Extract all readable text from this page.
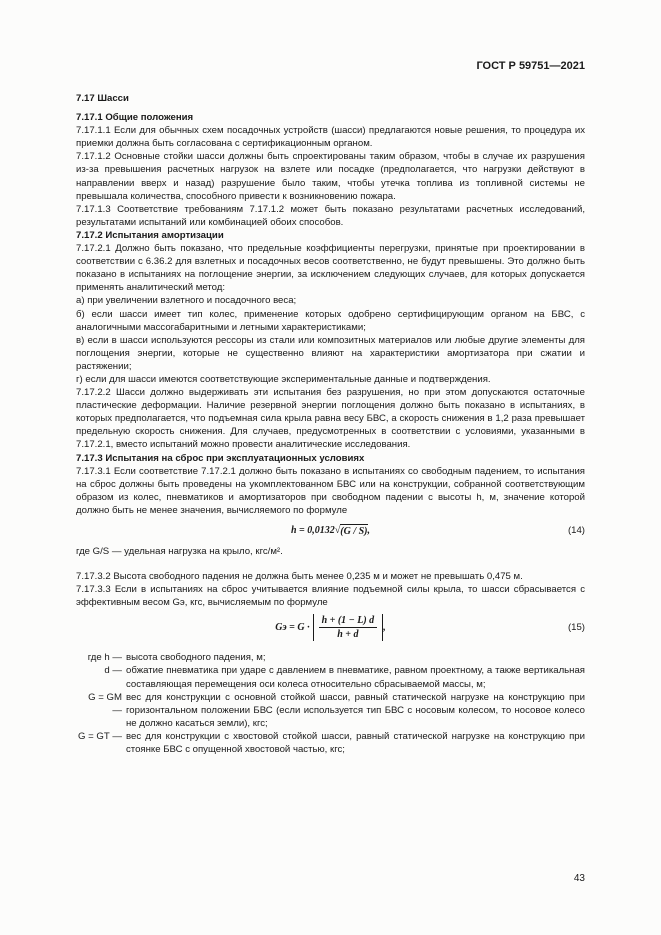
ГОСТ Р 59751—2021

7.17 Шасси

7.17.1 Общие положения

7.17.1.1 Если для обычных схем посадочных устройств (шасси) предлагаются новые решения, то процедура их приемки должна быть согласована с сертификационным органом.

7.17.1.2 Основные стойки шасси должны быть спроектированы таким образом, чтобы в случае их разрушения из-за превышения расчетных нагрузок на взлете или посадке (предполагается, что нагрузки действуют в направлении вверх и назад) разрушение было таким, чтобы утечка топлива из топливной системы не превышала количества, способного привести к возникновению пожара.

7.17.1.3 Соответствие требованиям 7.17.1.2 может быть показано результатами расчетных исследований, результатами испытаний или комбинацией обоих способов.

7.17.2 Испытания амортизации

7.17.2.1 Должно быть показано, что предельные коэффициенты перегрузки, принятые при проектировании в соответствии с 6.36.2 для взлетных и посадочных весов соответственно, не будут превышены. Это должно быть показано в испытаниях на поглощение энергии, за исключением следующих случаев, для которых допускается применять аналитический метод:

а) при увеличении взлетного и посадочного веса;

б) если шасси имеет тип колес, применение которых одобрено сертифицирующим органом на БВС, с аналогичными массогабаритными и летными характеристиками;

в) если в шасси используются рессоры из стали или композитных материалов или любые другие элементы для поглощения энергии, которые не существенно влияют на характеристики амортизатора при сжатии и растяжении;

г) если для шасси имеются соответствующие экспериментальные данные и подтверждения.

7.17.2.2 Шасси должно выдерживать эти испытания без разрушения, но при этом допускаются остаточные пластические деформации. Наличие резервной энергии поглощения должно быть показано в испытаниях, в которых предполагается, что подъемная сила крыла равна весу БВС, а скорость снижения в 1,2 раза превышает предельную скорость снижения. Для случаев, предусмотренных в соответствии с условиями, указанными в 7.17.2.1, вместо испытаний можно провести аналитические исследования.

7.17.3 Испытания на сброс при эксплуатационных условиях

7.17.3.1 Если соответствие 7.17.2.1 должно быть показано в испытаниях со свободным падением, то испытания на сброс должны быть проведены на укомплектованном БВС или на конструкции, собранной соответствующим образом из колес, пневматиков и амортизаторов при свободном падении с высоты h, м, значение которой должно быть не менее значения, вычисляемого по формуле

h = 0,0132 √ (G / S) ,	(14)

где G/S — удельная нагрузка на крыло, кгс/м².

7.17.3.2 Высота свободного падения не должна быть менее 0,235 м и может не превышать 0,475 м.

7.17.3.3 Если в испытаниях на сброс учитывается влияние подъемной силы крыла, то шасси сбрасывается с эффективным весом Gэ, кгс, вычисляемым по формуле

Gэ = $G \cdot \frac{h + (1 - L) d}{h + d}$ ,	(15)
где h — высота свободного падения, м;
d — обжатие пневматика при ударе с давлением в пневматике, равном проектному, а также вертикальная составляющая перемещения оси колеса относительно сбрасываемой массы, м;
G = GМ —
вес для конструкции с основной стойкой шасси, равный статической нагрузке на конструкцию при горизонтальном положении БВС (если используется тип БВС с носовым колесом, то носовое колесо не должно касаться земли), кгс;
G = GТ — вес для конструкции с хвостовой стойкой шасси, равный статической нагрузке на конструкцию при стоянке БВС с опущенной хвостовой частью, кгс;
43
